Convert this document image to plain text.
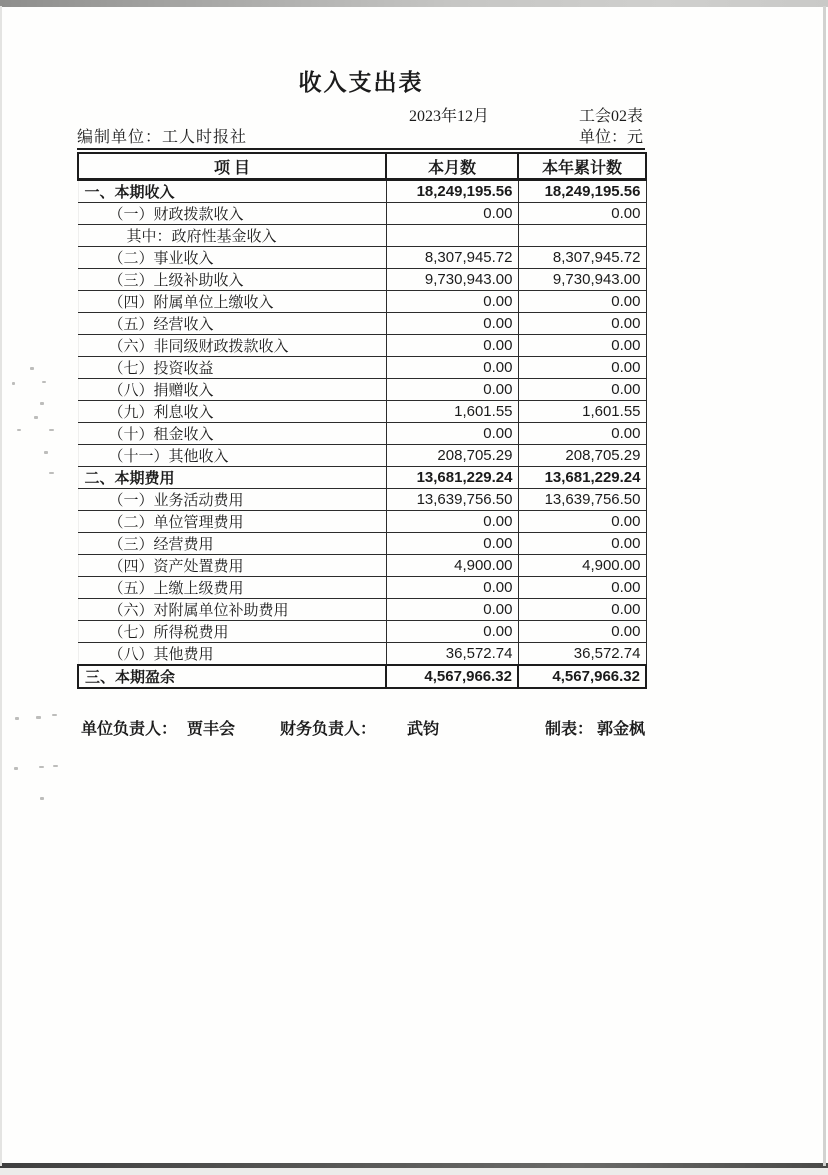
收入支出表
2023年12月	工会02表
编制单位：工人时报社	单位：元
项 目	本月数	本年累计数
一、本期收入	18,249,195.56	18,249,195.56
（一）财政拨款收入	0.00	0.00
其中：政府性基金收入		
（二）事业收入	8,307,945.72	8,307,945.72
（三）上级补助收入	9,730,943.00	9,730,943.00
（四）附属单位上缴收入	0.00	0.00
（五）经营收入	0.00	0.00
（六）非同级财政拨款收入	0.00	0.00
（七）投资收益	0.00	0.00
（八）捐赠收入	0.00	0.00
（九）利息收入	1,601.55	1,601.55
（十）租金收入	0.00	0.00
（十一）其他收入	208,705.29	208,705.29
二、本期费用	13,681,229.24	13,681,229.24
（一）业务活动费用	13,639,756.50	13,639,756.50
（二）单位管理费用	0.00	0.00
（三）经营费用	0.00	0.00
（四）资产处置费用	4,900.00	4,900.00
（五）上缴上级费用	0.00	0.00
（六）对附属单位补助费用	0.00	0.00
（七）所得税费用	0.00	0.00
（八）其他费用	36,572.74	36,572.74
三、本期盈余	4,567,966.32	4,567,966.32
单位负责人： 贾丰会	财务负责人： 武钧	制表： 郭金枫
